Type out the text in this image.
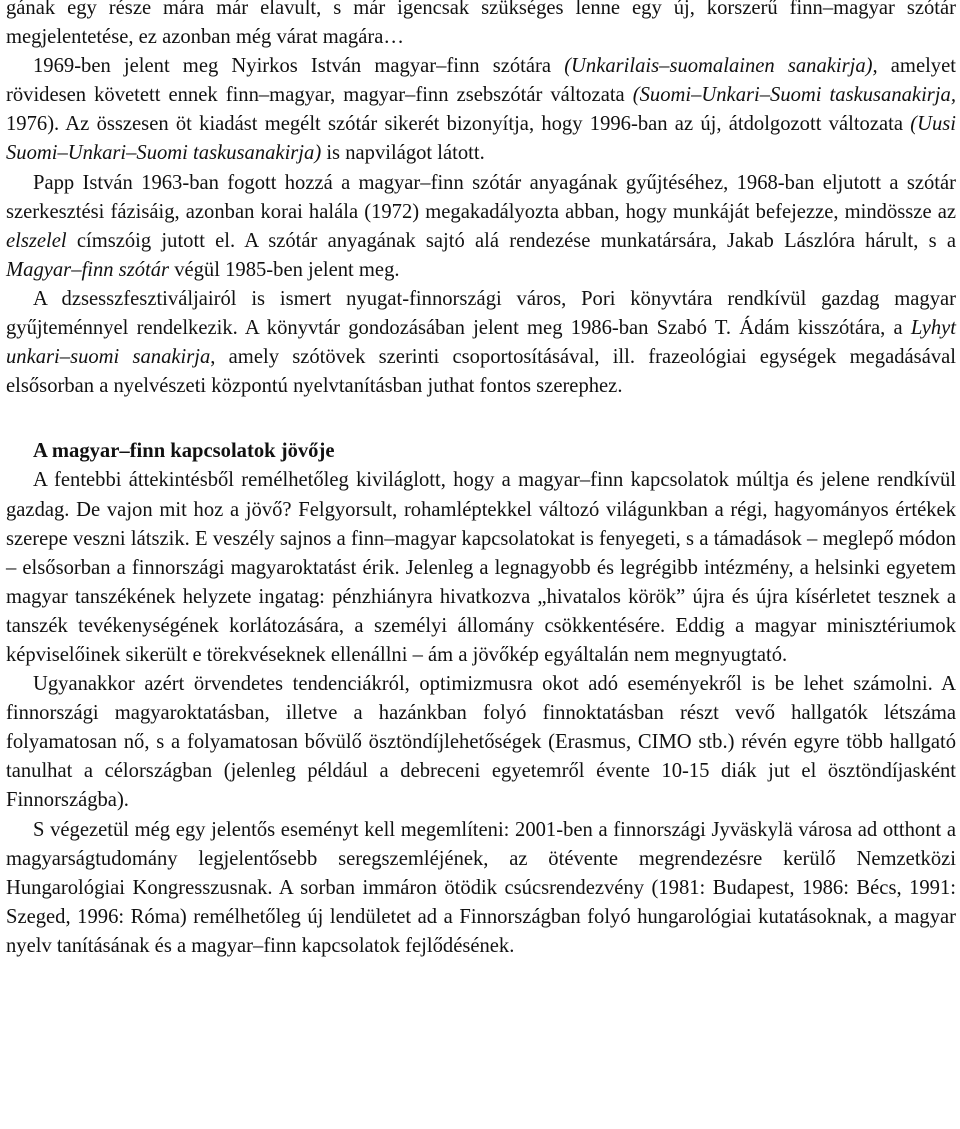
gának egy része mára már elavult, s már igencsak szükséges lenne egy új, korszerű finn–magyar szótár megjelentetése, ez azonban még várat magára…

1969-ben jelent meg Nyirkos István magyar–finn szótára (Unkarilais–suomalainen sanakirja), amelyet rövidesen követett ennek finn–magyar, magyar–finn zsebszótár változata (Suomi–Unkari–Suomi taskusanakirja, 1976). Az összesen öt kiadást megélt szótár sikerét bizonyítja, hogy 1996-ban az új, átdolgozott változata (Uusi Suomi–Unkari–Suomi taskusanakirja) is napvilágot látott.

Papp István 1963-ban fogott hozzá a magyar–finn szótár anyagának gyűjtéséhez, 1968-ban eljutott a szótár szerkesztési fázisáig, azonban korai halála (1972) megakadályozta abban, hogy munkáját befejezze, mindössze az elszelel címszóig jutott el. A szótár anyagának sajtó alá rendezése munkatársára, Jakab Lászlóra hárult, s a Magyar–finn szótár végül 1985-ben jelent meg.

A dzsesszfesztiváljairól is ismert nyugat-finnországi város, Pori könyvtára rendkívül gazdag magyar gyűjteménnyel rendelkezik. A könyvtár gondozásában jelent meg 1986-ban Szabó T. Ádám kisszótára, a Lyhyt unkari–suomi sanakirja, amely szótövek szerinti csoportosításával, ill. frazeológiai egységek megadásával elsősorban a nyelvészeti központú nyelvtanításban juthat fontos szerephez.

A magyar–finn kapcsolatok jövője

A fentebbi áttekintésből remélhetőleg kiviláglott, hogy a magyar–finn kapcsolatok múltja és jelene rendkívül gazdag. De vajon mit hoz a jövő? Felgyorsult, rohamléptekkel változó világunkban a régi, hagyományos értékek szerepe veszni látszik. E veszély sajnos a finn–magyar kapcsolatokat is fenyegeti, s a támadások – meglepő módon – elsősorban a finnországi magyaroktatást érik. Jelenleg a legnagyobb és legrégibb intézmény, a helsinki egyetem magyar tanszékének helyzete ingatag: pénzhiányra hivatkozva „hivatalos körök” újra és újra kísérletet tesznek a tanszék tevékenységének korlátozására, a személyi állomány csökkentésére. Eddig a magyar minisztériumok képviselőinek sikerült e törekvéseknek ellenállni – ám a jövőkép egyáltalán nem megnyugtató.

Ugyanakkor azért örvendetes tendenciákról, optimizmusra okot adó eseményekről is be lehet számolni. A finnországi magyaroktatásban, illetve a hazánkban folyó finnoktatásban részt vevő hallgatók létszáma folyamatosan nő, s a folyamatosan bővülő ösztöndíjlehetőségek (Erasmus, CIMO stb.) révén egyre több hallgató tanulhat a célországban (jelenleg például a debreceni egyetemről évente 10-15 diák jut el ösztöndíjasként Finnországba).

S végezetül még egy jelentős eseményt kell megemlíteni: 2001-ben a finnországi Jyväskylä városa ad otthont a magyarságtudomány legjelentősebb seregszemléjének, az ötévente megrendezésre kerülő Nemzetközi Hungarológiai Kongresszusnak. A sorban immáron ötödik csúcsrendezvény (1981: Budapest, 1986: Bécs, 1991: Szeged, 1996: Róma) remélhetőleg új lendületet ad a Finnországban folyó hungarológiai kutatásoknak, a magyar nyelv tanításának és a magyar–finn kapcsolatok fejlődésének.
